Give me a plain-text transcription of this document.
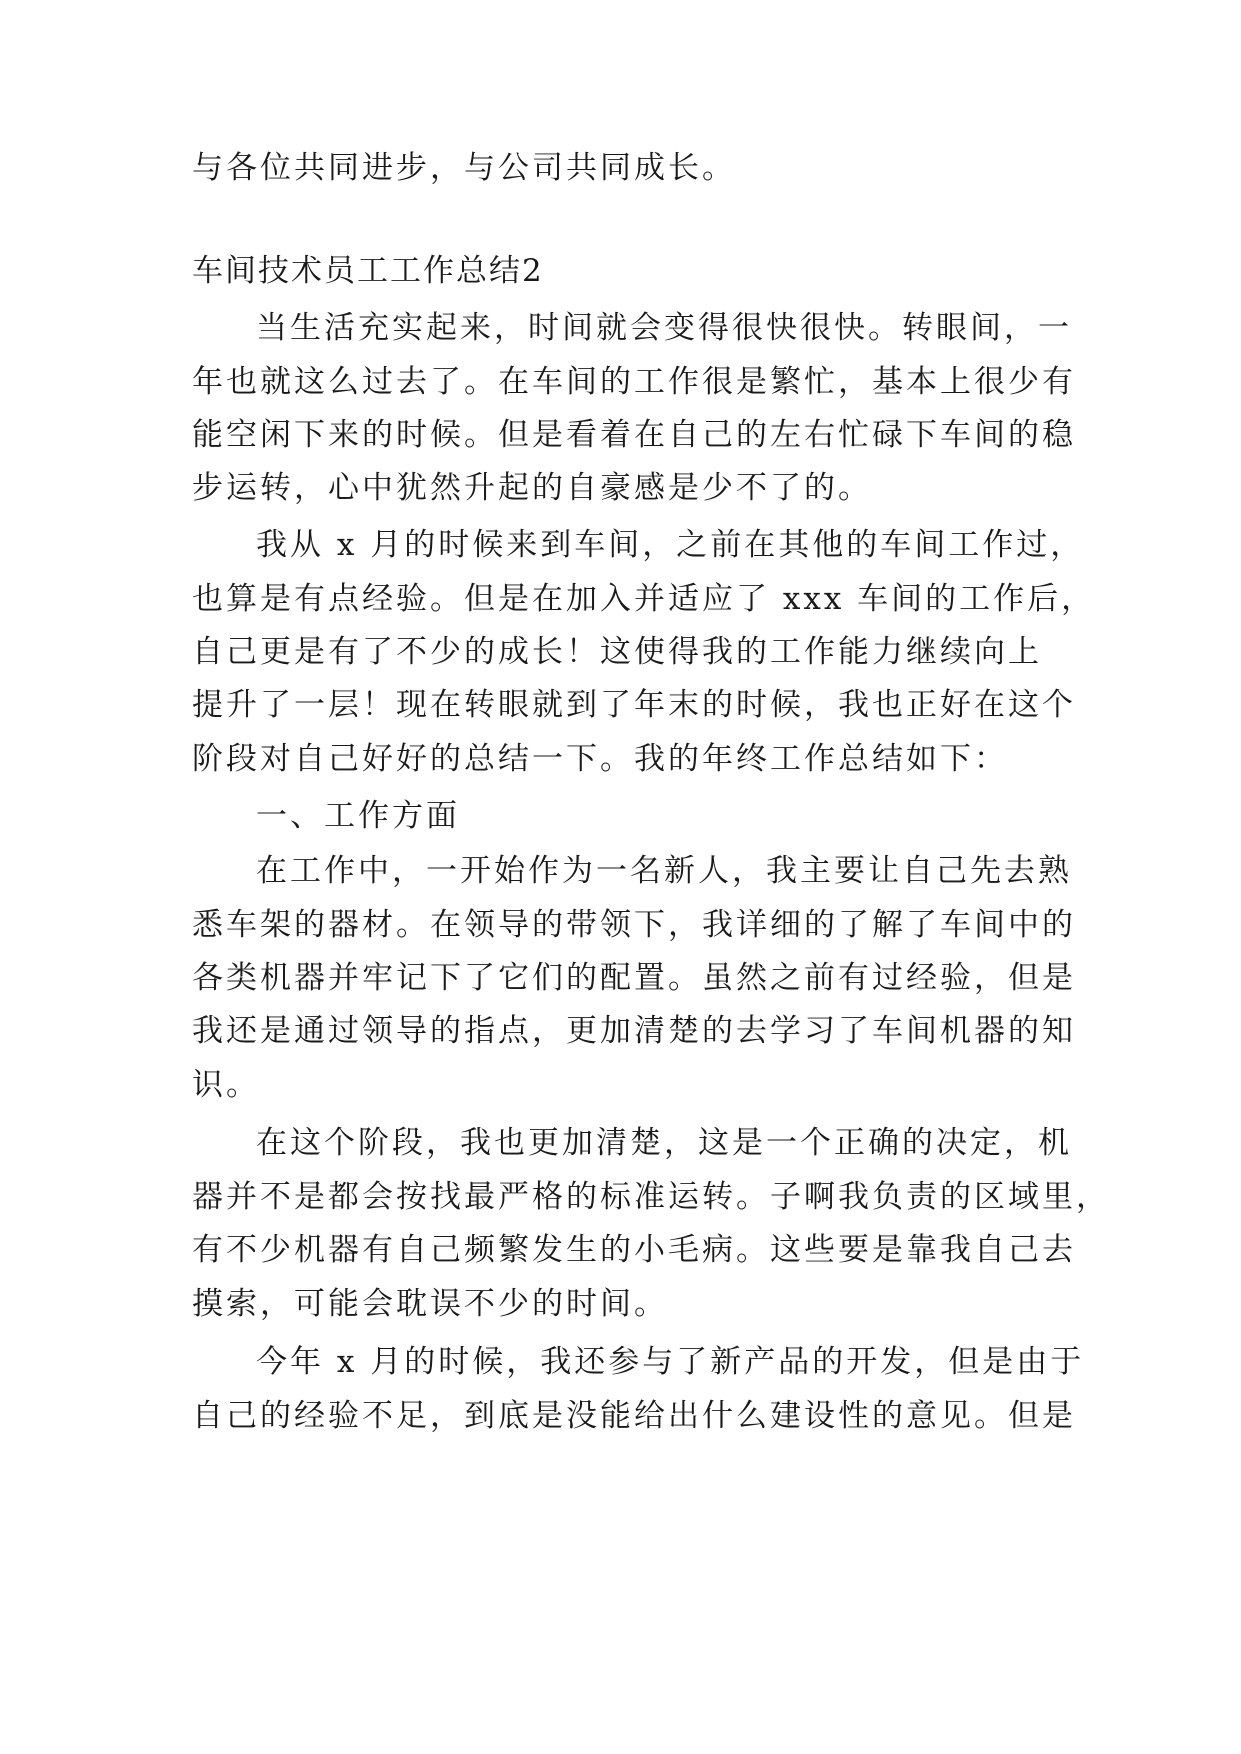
与各位共同进步，与公司共同成长。
车间技术员工工作总结2
当生活充实起来，时间就会变得很快很快。转眼间，一
年也就这么过去了。在车间的工作很是繁忙，基本上很少有
能空闲下来的时候。但是看着在自己的左右忙碌下车间的稳
步运转，心中犹然升起的自豪感是少不了的。
我从 x 月的时候来到车间，之前在其他的车间工作过，
也算是有点经验。但是在加入并适应了 xxx 车间的工作后，
自己更是有了不少的成长！这使得我的工作能力继续向上
提升了一层！现在转眼就到了年末的时候，我也正好在这个
阶段对自己好好的总结一下。我的年终工作总结如下：
一、工作方面
在工作中，一开始作为一名新人，我主要让自己先去熟
悉车架的器材。在领导的带领下，我详细的了解了车间中的
各类机器并牢记下了它们的配置。虽然之前有过经验，但是
我还是通过领导的指点，更加清楚的去学习了车间机器的知
识。
在这个阶段，我也更加清楚，这是一个正确的决定，机
器并不是都会按找最严格的标准运转。子啊我负责的区域里，
有不少机器有自己频繁发生的小毛病。这些要是靠我自己去
摸索，可能会耽误不少的时间。
今年 x 月的时候，我还参与了新产品的开发，但是由于
自己的经验不足，到底是没能给出什么建设性的意见。但是
